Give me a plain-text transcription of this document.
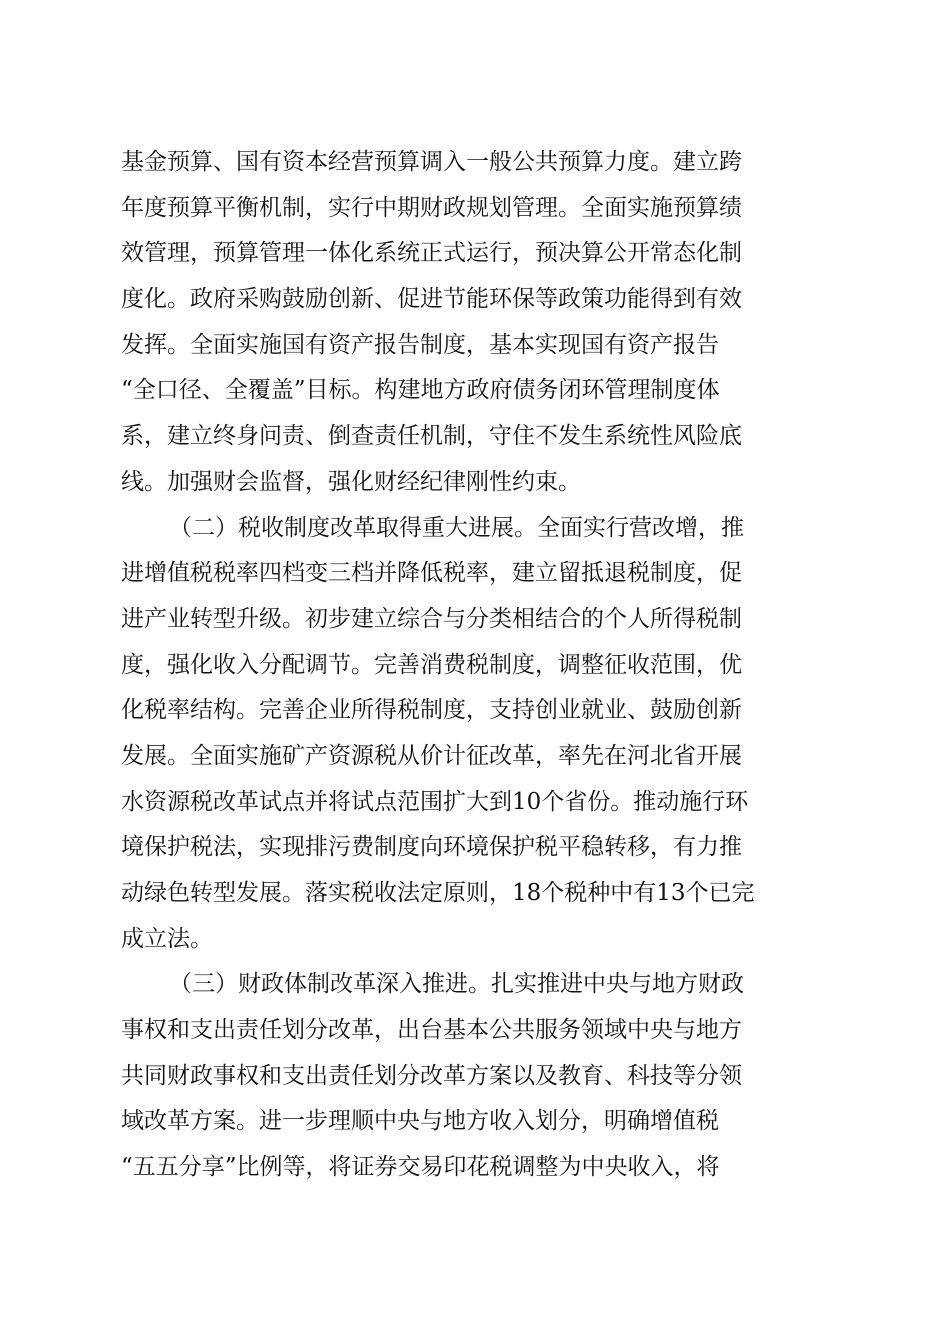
基金预算、国有资本经营预算调入一般公共预算力度。建立跨
年度预算平衡机制，实行中期财政规划管理。全面实施预算绩
效管理，预算管理一体化系统正式运行，预决算公开常态化制
度化。政府采购鼓励创新、促进节能环保等政策功能得到有效
发挥。全面实施国有资产报告制度，基本实现国有资产报告
“全口径、全覆盖”目标。构建地方政府债务闭环管理制度体
系，建立终身问责、倒查责任机制，守住不发生系统性风险底
线。加强财会监督，强化财经纪律刚性约束。
（二）税收制度改革取得重大进展。全面实行营改增，推
进增值税税率四档变三档并降低税率，建立留抵退税制度，促
进产业转型升级。初步建立综合与分类相结合的个人所得税制
度，强化收入分配调节。完善消费税制度，调整征收范围，优
化税率结构。完善企业所得税制度，支持创业就业、鼓励创新
发展。全面实施矿产资源税从价计征改革，率先在河北省开展
水资源税改革试点并将试点范围扩大到10个省份。推动施行环
境保护税法，实现排污费制度向环境保护税平稳转移，有力推
动绿色转型发展。落实税收法定原则，18个税种中有13个已完
成立法。
（三）财政体制改革深入推进。扎实推进中央与地方财政
事权和支出责任划分改革，出台基本公共服务领域中央与地方
共同财政事权和支出责任划分改革方案以及教育、科技等分领
域改革方案。进一步理顺中央与地方收入划分，明确增值税
“五五分享”比例等，将证券交易印花税调整为中央收入，将
